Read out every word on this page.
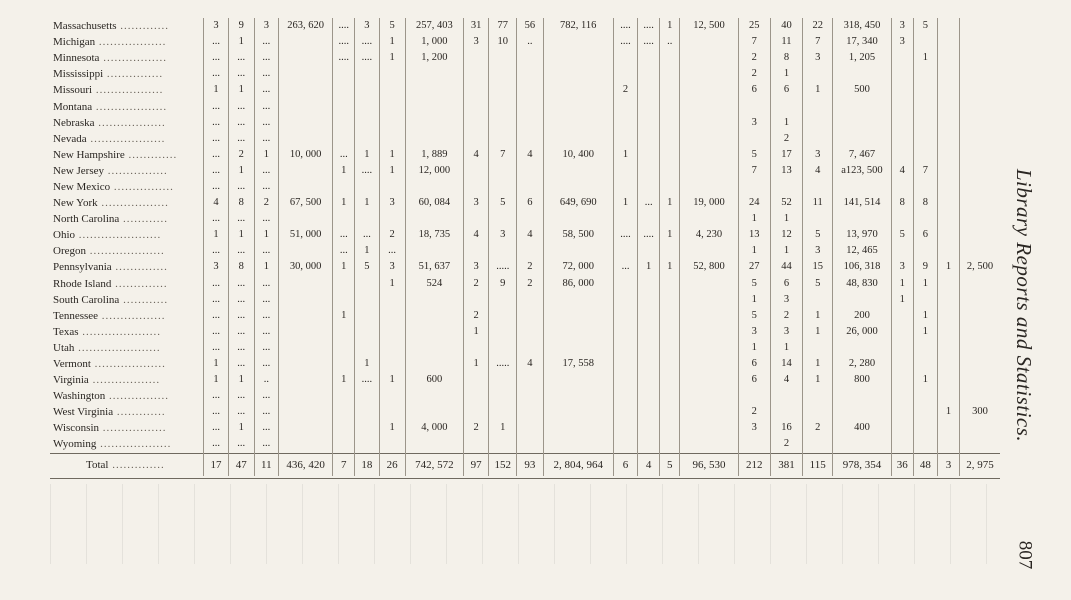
Massachusetts .............	3	9	3	263, 620	....	3	5	257, 403	31	77	56	782, 116	....	....	1	12, 500	25	40	22	318, 450	3	5		
Michigan ..................	...	1	...		....	....	1	1, 000	3	10	..		....	....	..		7	11	7	17, 340	3			
Minnesota .................	...	...	...		....	....	1	1, 200									2	8	3	1, 205		1		
Mississippi ...............	...	...	...														2	1						
Missouri ..................	1	1	...										2				6	6	1	500				
Montana ...................	...	...	...																					
Nebraska ..................	...	...	...														3	1						
Nevada ....................	...	...	...															2						
New Hampshire .............	...	2	1	10, 000	...	1	1	1, 889	4	7	4	10, 400	1				5	17	3	7, 467				
New Jersey ................	...	1	...		1	....	1	12, 000									7	13	4	a123, 500	4	7		
New Mexico ................	...	...	...																					
New York ..................	4	8	2	67, 500	1	1	3	60, 084	3	5	6	649, 690	1	...	1	19, 000	24	52	11	141, 514	8	8		
North Carolina ............	...	...	...														1	1						
Ohio ......................	1	1	1	51, 000	...	...	2	18, 735	4	3	4	58, 500	....	....	1	4, 230	13	12	5	13, 970	5	6		
Oregon ....................	...	...	...		...	1	...										1	1	3	12, 465				
Pennsylvania ..............	3	8	1	30, 000	1	5	3	51, 637	3	.....	2	72, 000	...	1	1	52, 800	27	44	15	106, 318	3	9	1	2, 500
Rhode Island ..............	...	...	...				1	524	2	9	2	86, 000					5	6	5	48, 830	1	1		
South Carolina ............	...	...	...														1	3			1			
Tennessee .................	...	...	...		1				2								5	2	1	200		1		
Texas .....................	...	...	...						1								3	3	1	26, 000		1		
Utah ......................	...	...	...														1	1						
Vermont ...................	1	...	...			1			1	.....	4	17, 558					6	14	1	2, 280				
Virginia ..................	1	1	..		1	....	1	600									6	4	1	800		1		
Washington ................	...	...	...																					
West Virginia .............	...	...	...														2						1	300
Wisconsin .................	...	1	...				1	4, 000	2	1							3	16	2	400				
Wyoming ...................	...	...	...															2						
Total ..............	17	47	11	436, 420	7	18	26	742, 572	97	152	93	2, 804, 964	6	4	5	96, 530	212	381	115	978, 354	36	48	3	2, 975
Library Reports and Statistics.
807
